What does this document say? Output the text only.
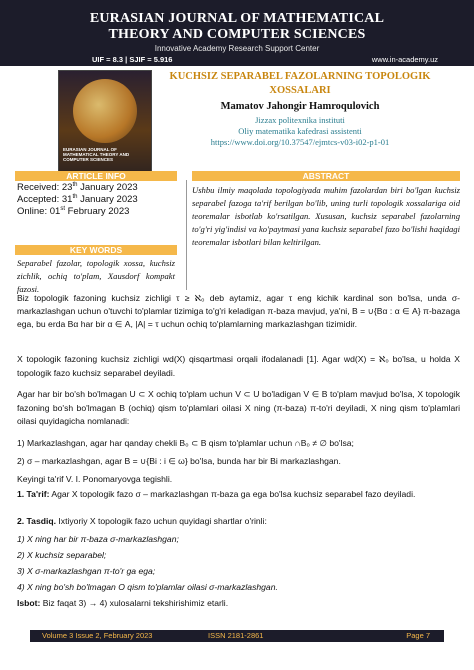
EURASIAN JOURNAL OF MATHEMATICAL
THEORY AND COMPUTER SCIENCES
Innovative Academy Research Support Center
UIF = 8.3 | SJIF = 5.916	www.in-academy.uz
EURASIAN JOURNAL OF MATHEMATICAL THEORY AND COMPUTER SCIENCES
KUCHSIZ SEPARABEL FAZOLARNING TOPOLOGIK
XOSSALARI
Mamatov Jahongir Hamroqulovich
Jizzax politexnika instituti
Oliy matematika kafedrasi assistenti
https://www.doi.org/10.37547/ejmtcs-v03-i02-p1-01
ARTICLE INFO
Received: 23th January 2023
Accepted: 31th January 2023
Online: 01st February 2023
KEY WORDS
Separabel fazolar, topologik xossa, kuchsiz zichlik, ochiq to'plam, Xausdorf kompakt fazosi.
ABSTRACT
Ushbu ilmiy maqolada topologiyada muhim fazolardan biri bo'lgan kuchsiz separabel fazoga ta'rif berilgan bo'lib, uning turli topologik xossalariga oid teoremalar isbotlab ko'rsatilgan. Xususan, kuchsiz separabel fazolarning to'g'ri yig'indisi va ko'paytmasi yana kuchsiz separabel fazo bo'lishi haqidagi teoremalar isbotlari bilan keltirilgan.
Biz topologik fazoning kuchsiz zichligi τ ≥ ℵ₀ deb aytamiz, agar τ eng kichik kardinal son bo'lsa, unda σ-markazlashgan uchun o'tuvchi to'plamlar tizimiga to'g'ri keladigan π-baza mavjud, ya'ni, B = ∪{Bα : α ∈ A} π-bazaga ega, bu erda Bα har bir α ∈ A, |A| = τ uchun ochiq to'plamlarning markazlashgan tizimidir.
X topologik fazoning kuchsiz zichligi wd(X) qisqartmasi orqali ifodalanadi [1]. Agar wd(X) = ℵ₀ bo'lsa, u holda X topologik fazo kuchsiz separabel deyiladi.
Agar har bir bo'sh bo'lmagan U ⊂ X ochiq to'plam uchun V ⊂ U bo'ladigan V ∈ B to'plam mavjud bo'lsa, X topologik fazoning bo'sh bo'lmagan B (ochiq) qism to'plamlari oilasi X ning (π-baza) π-to'ri deyiladi, X ning qism to'plamlari oilasi quyidagicha nomlanadi:
1) Markazlashgan, agar har qanday chekli B₀ ⊂ B qism to'plamlar uchun ∩B₀ ≠ ∅ bo'lsa;
2) σ – markazlashgan, agar B = ∪{Bi : i ∈ ω} bo'lsa, bunda har bir Bi markazlashgan.
Keyingi ta'rif V. I. Ponomaryovga tegishli.
1. Ta'rif: Agar X topologik fazo σ – markazlashgan π-baza ga ega bo'lsa kuchsiz separabel fazo deyiladi.
2. Tasdiq. Ixtiyoriy X topologik fazo uchun quyidagi shartlar o'rinli:
1) X ning har bir π-baza σ-markazlashgan;
2) X kuchsiz separabel;
3) X σ-markazlashgan π-to'r ga ega;
4) X ning bo'sh bo'lmagan O qism to'plamlar oilasi σ-markazlashgan.
Isbot: Biz faqat 3) → 4) xulosalarni tekshirishimiz etarli.
Volume 3 Issue 2, February 2023	ISSN 2181-2861	Page 7
